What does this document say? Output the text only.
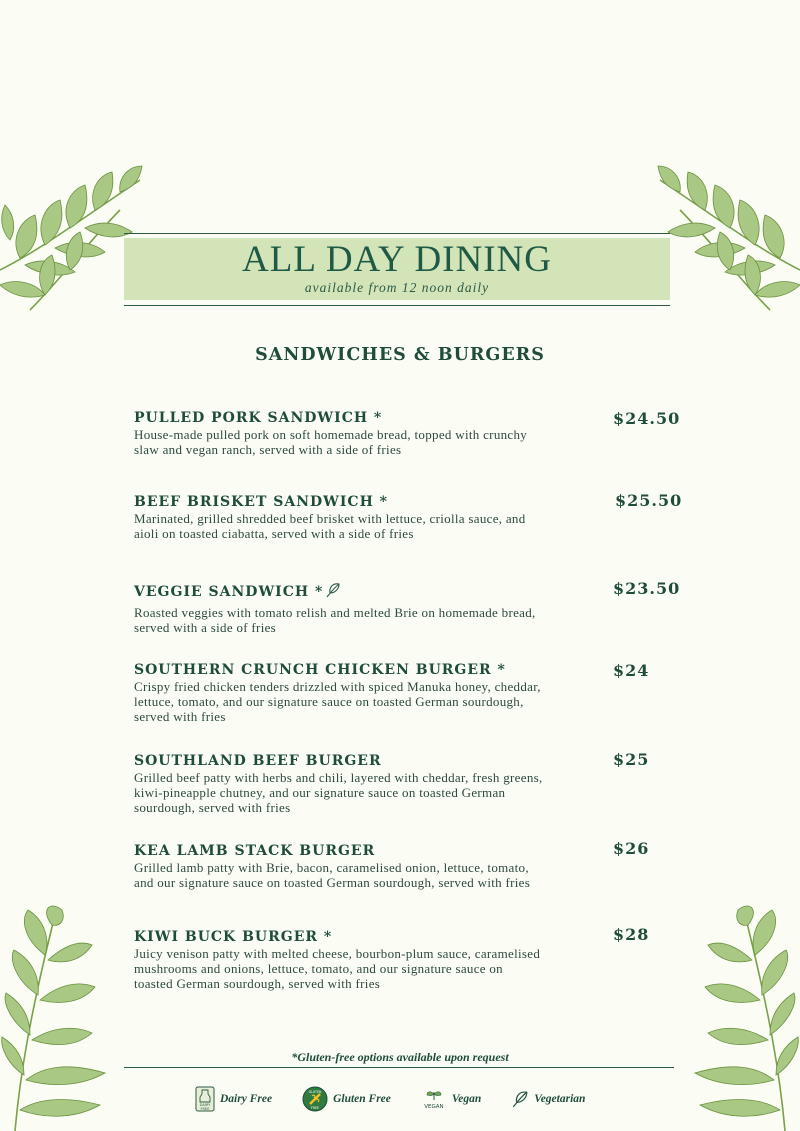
ALL DAY DINING
available from 12 noon daily
SANDWICHES & BURGERS
PULLED PORK SANDWICH *
House-made pulled pork on soft homemade bread, topped with crunchy slaw and vegan ranch, served with a side of fries
$24.50
BEEF BRISKET SANDWICH *
Marinated, grilled shredded beef brisket with lettuce, criolla sauce, and aioli on toasted ciabatta, served with a side of fries
$25.50
VEGGIE SANDWICH *
Roasted veggies with tomato relish and melted Brie on homemade bread, served with a side of fries
$23.50
SOUTHERN CRUNCH CHICKEN BURGER *
Crispy fried chicken tenders drizzled with spiced Manuka honey, cheddar, lettuce, tomato, and our signature sauce on toasted German sourdough, served with fries
$24
SOUTHLAND BEEF BURGER
Grilled beef patty with herbs and chili, layered with cheddar, fresh greens, kiwi-pineapple chutney, and our signature sauce on toasted German sourdough, served with fries
$25
KEA LAMB STACK BURGER
Grilled lamb patty with Brie, bacon, caramelised onion, lettuce, tomato, and our signature sauce on toasted German sourdough, served with fries
$26
KIWI BUCK BURGER *
Juicy venison patty with melted cheese, bourbon-plum sauce, caramelised mushrooms and onions, lettuce, tomato, and our signature sauce on toasted German sourdough, served with fries
$28
*Gluten-free options available upon request
DAIRY
FREE
Dairy Free
GLUTEN
FREE
Gluten Free
VEGAN
Vegan	Vegetarian
